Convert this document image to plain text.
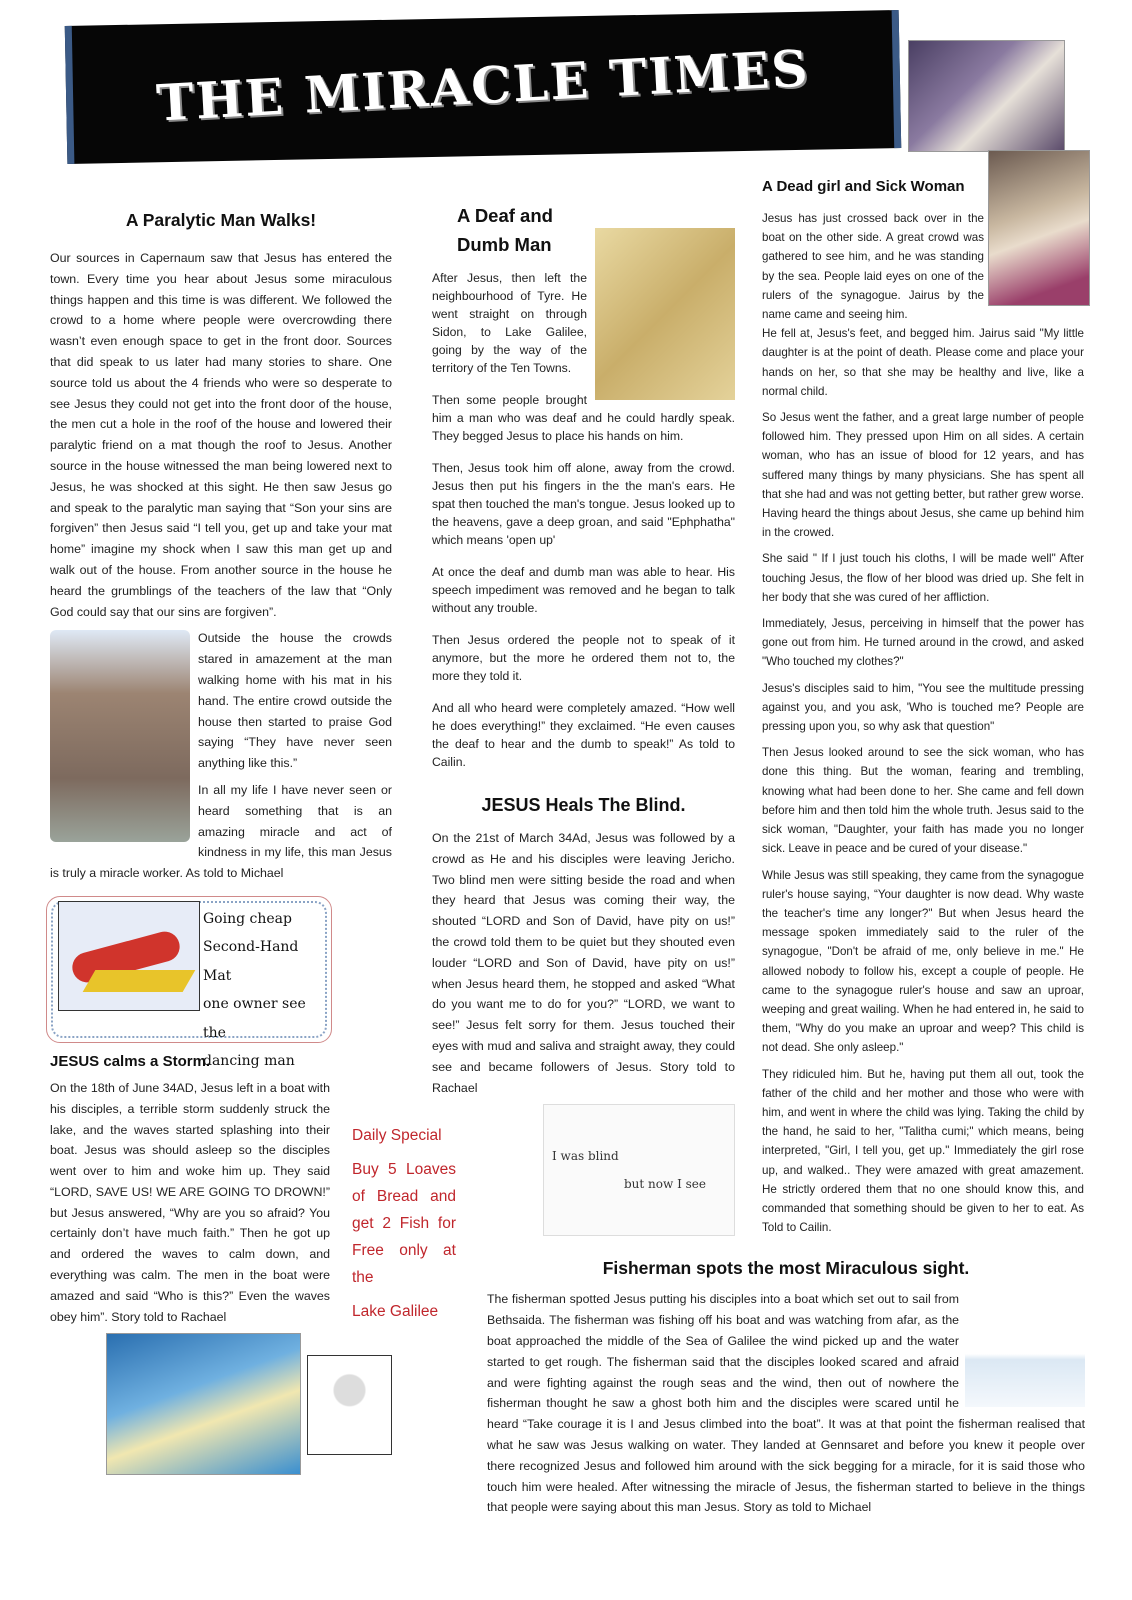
THE MIRACLE TIMES
A Paralytic Man Walks!

Our sources in Capernaum saw that Jesus has entered the town. Every time you hear about Jesus some miraculous things happen and this time is was different. We followed the crowd to a home where people were overcrowding there wasn’t even enough space to get in the front door. Sources that did speak to us later had many stories to share. One source told us about the 4 friends who were so desperate to see Jesus they could not get into the front door of the house, the men cut a hole in the roof of the house and lowered their paralytic friend on a mat though the roof to Jesus. Another source in the house witnessed the man being lowered next to Jesus, he was shocked at this sight. He then saw Jesus go and speak to the paralytic man saying that “Son your sins are forgiven” then Jesus said “I tell you, get up and take your mat home” imagine my shock when I saw this man get up and walk out of the house. From another source in the house he heard the grumblings of the teachers of the law that “Only God could say that our sins are forgiven”.

Outside the house the crowds stared in amazement at the man walking home with his mat in his hand. The entire crowd outside the house then started to praise God saying “They have never seen anything like this.”

In all my life I have never seen or heard something that is an amazing miracle and act of kindness in my life, this man Jesus is truly a miracle worker. As told to Michael

Going cheap
Second-Hand Mat
one owner see the
dancing man
JESUS calms a Storm.

On the 18th of June 34AD, Jesus left in a boat with his disciples, a terrible storm suddenly struck the lake, and the waves started splashing into their boat. Jesus was should asleep so the disciples went over to him and woke him up. They said “LORD, SAVE US! WE ARE GOING TO DROWN!” but Jesus answered, “Why are you so afraid? You certainly don’t have much faith.” Then he got up and ordered the waves to calm down, and everything was calm. The men in the boat were amazed and said “Who is this?” Even the waves obey him”. Story told to Rachael

Daily Special

Buy 5 Loaves of Bread and get 2 Fish for Free only at the

Lake Galilee

A Deaf and Dumb Man

After Jesus, then left the neighbourhood of Tyre. He went straight on through Sidon, to Lake Galilee, going by the way of the territory of the Ten Towns.

Then some people brought him a man who was deaf and he could hardly speak. They begged Jesus to place his hands on him.

Then, Jesus took him off alone, away from the crowd. Jesus then put his fingers in the the man's ears. He spat then touched the man's tongue. Jesus looked up to the heavens, gave a deep groan, and said "Ephphatha" which means 'open up'

At once the deaf and dumb man was able to hear. His speech impediment was removed and he began to talk without any trouble.

Then Jesus ordered the people not to speak of it anymore, but the more he ordered them not to, the more they told it.

And all who heard were completely amazed. “How well he does everything!” they exclaimed. “He even causes the deaf to hear and the dumb to speak!” As told to Cailin.

JESUS Heals The Blind.

On the 21st of March 34Ad, Jesus was followed by a crowd as He and his disciples were leaving Jericho. Two blind men were sitting beside the road and when they heard that Jesus was coming their way, the shouted “LORD and Son of David, have pity on us!” the crowd told them to be quiet but they shouted even louder “LORD and Son of David, have pity on us!” when Jesus heard them, he stopped and asked “What do you want me to do for you?” “LORD, we want to see!” Jesus felt sorry for them. Jesus touched their eyes with mud and saliva and straight away, they could see and became followers of Jesus. Story told to Rachael

I was blind
but now I see
A Dead girl and Sick Woman

Jesus has just crossed back over in the boat on the other side. A great crowd was gathered to see him, and he was standing by the sea. People laid eyes on one of the rulers of the synagogue. Jairus by the name came and seeing him.

He fell at, Jesus's feet, and begged him. Jairus said "My little daughter is at the point of death. Please come and place your hands on her, so that she may be healthy and live, like a normal child.

So Jesus went the father, and a great large number of people followed him. They pressed upon Him on all sides. A certain woman, who has an issue of blood for 12 years, and has suffered many things by many physicians. She has spent all that she had and was not getting better, but rather grew worse. Having heard the things about Jesus, she came up behind him in the crowed.

She said " If I just touch his cloths, I will be made well" After touching Jesus, the flow of her blood was dried up. She felt in her body that she was cured of her affliction.

Immediately, Jesus, perceiving in himself that the power has gone out from him. He turned around in the crowd, and asked "Who touched my clothes?"

Jesus's disciples said to him, "You see the multitude pressing against you, and you ask, 'Who is touched me? People are pressing upon you, so why ask that question"

Then Jesus looked around to see the sick woman, who has done this thing. But the woman, fearing and trembling, knowing what had been done to her. She came and fell down before him and then told him the whole truth. Jesus said to the sick woman, "Daughter, your faith has made you no longer sick. Leave in peace and be cured of your disease."

While Jesus was still speaking, they came from the synagogue ruler's house saying, “Your daughter is now dead. Why waste the teacher's time any longer?" But when Jesus heard the message spoken immediately said to the ruler of the synagogue, "Don't be afraid of me, only believe in me." He allowed nobody to follow his, except a couple of people. He came to the synagogue ruler's house and saw an uproar, weeping and great wailing. When he had entered in, he said to them, "Why do you make an uproar and weep? This child is not dead. She only asleep."

They ridiculed him. But he, having put them all out, took the father of the child and her mother and those who were with him, and went in where the child was lying. Taking the child by the hand, he said to her, "Talitha cumi;" which means, being interpreted, "Girl, I tell you, get up." Immediately the girl rose up, and walked.. They were amazed with great amazement. He strictly ordered them that no one should know this, and commanded that something should be given to her to eat. As Told to Cailin.

Fisherman spots the most Miraculous sight.

The fisherman spotted Jesus putting his disciples into a boat which set out to sail from Bethsaida. The fisherman was fishing off his boat and was watching from afar, as the boat approached the middle of the Sea of Galilee the wind picked up and the water started to get rough. The fisherman said that the disciples looked scared and afraid and were fighting against the rough seas and the wind, then out of nowhere the fisherman thought he saw a ghost both him and the disciples were scared until he heard “Take courage it is I and Jesus climbed into the boat”. It was at that point the fisherman realised that what he saw was Jesus walking on water. They landed at Gennsaret and before you knew it people over there recognized Jesus and followed him around with the sick begging for a miracle, for it is said those who touch him were healed. After witnessing the miracle of Jesus, the fisherman started to believe in the things that people were saying about this man Jesus. Story as told to Michael
